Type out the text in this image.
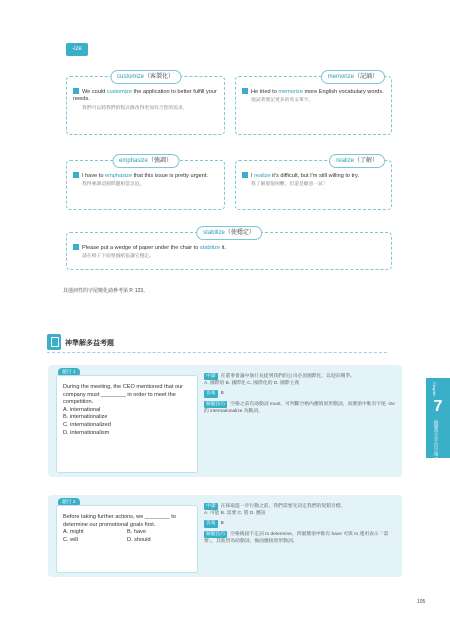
-ize
customize（客製化）
We could customize the application to better fulfill your needs.
我們可以將我們的程式修改得更加符合您的需求。
memorize（記誦）
He tried to memorize more English vocabulary words.
他試著要記更多的英文單字。
emphasize（強調）
I have to emphasize that this issue is pretty urgent.
我得強調這個問題相當急迫。
realize（了解）
I realize it's difficult, but I'm still willing to try.
我了解那很困難，但還是願意一試！
stabilize（使穩定）
Please put a wedge of paper under the chair to stabilize it.
請在椅子下面墊個紙張讓它穩定。
其他詞性的字尾變化請參考第 P. 123。
神準解多益考題
題目 1
During the meeting, the CEO mentioned that our company must ________ in order to meet the competition.
A. international
B. internationalize
C. internationalized
D. internationalism
中譯 在董事會議中執行長提到我們的公司必須國際化，以迎向競爭。
A. 國際的 B. 國際化 C. 國際化的 D. 國際主義
答案 B
解題技巧 空格之前有助動詞 must，可判斷空格內應填原形動詞，而選項中唯有字尾 -ize 的 internationalize 為動詞。
題目 2
Before taking further actions, we ________ to determine our promotional goals first.
A. might	B. have
C. will	D. should
中譯 在採取進一步行動之前，我們需要先決定我們的促銷目標。
A. 可能 B. 需要 C. 將 D. 應該
答案 B
解題技巧 空格後接不定詞 to determine，四個選項中唯有 have 可與 to 連用表示「需要」，其他皆為助動詞，後面應接原形動詞。
Chapter
7
搞懂英文字首字尾 Prefix & Suffix
105
